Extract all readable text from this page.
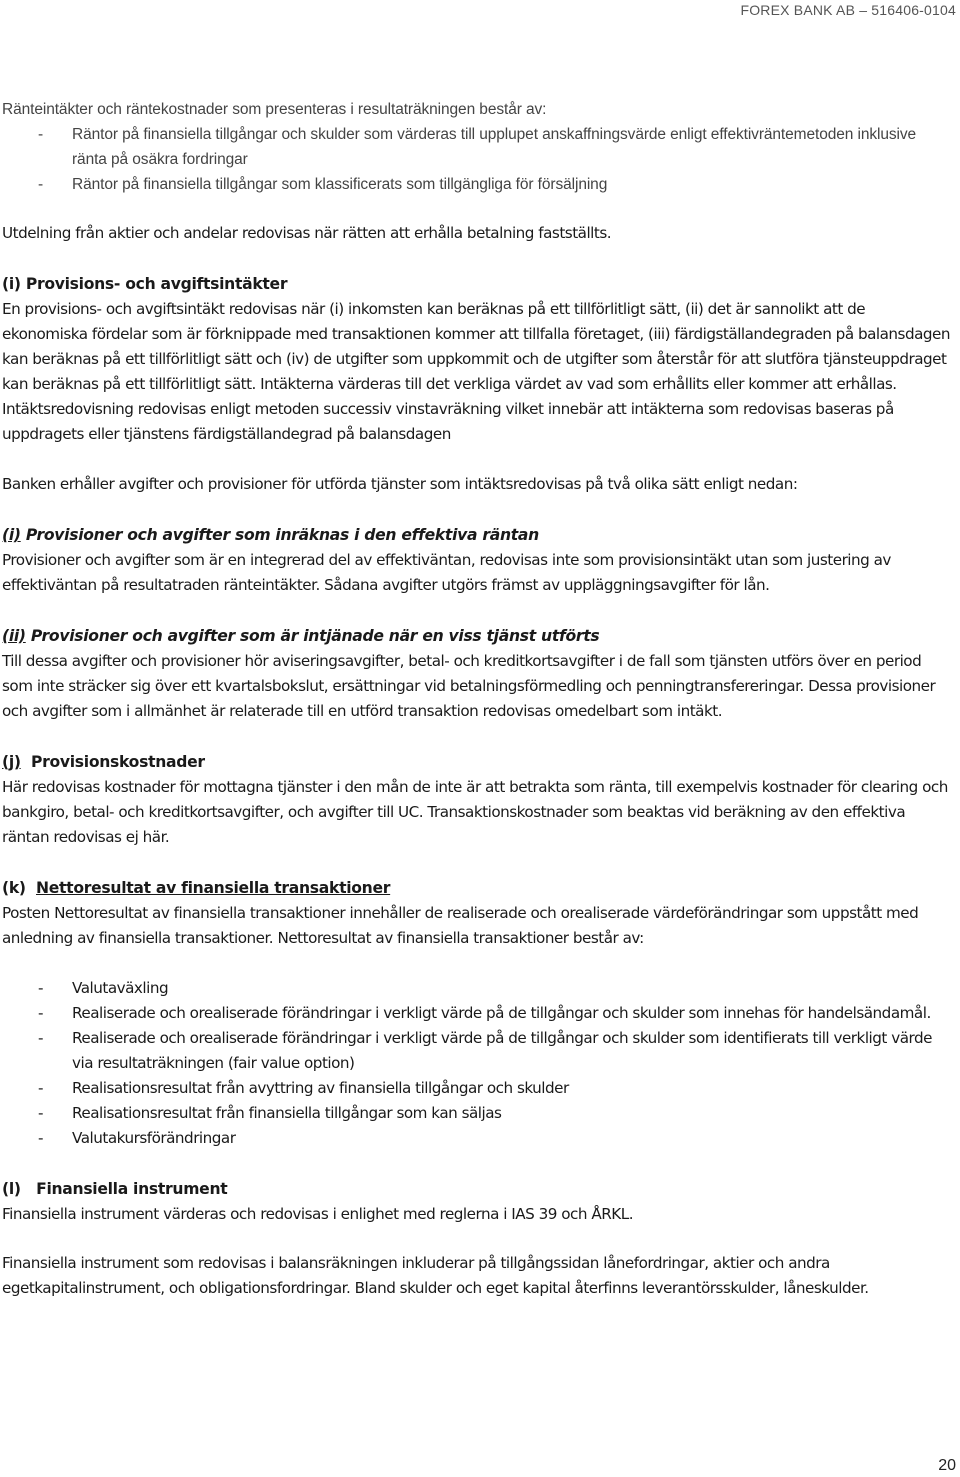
FOREX BANK AB – 516406-0104

Ränteintäkter och räntekostnader som presenteras i resultaträkningen består av:

- Räntor på finansiella tillgångar och skulder som värderas till upplupet anskaffningsvärde enligt effektivräntemetoden inklusive ränta på osäkra fordringar
- Räntor på finansiella tillgångar som klassificerats som tillgängliga för försäljning

Utdelning från aktier och andelar redovisas när rätten att erhålla betalning fastställts.

(i) Provisions- och avgiftsintäkter

En provisions- och avgiftsintäkt redovisas när (i) inkomsten kan beräknas på ett tillförlitligt sätt, (ii) det är sannolikt att de ekonomiska fördelar som är förknippade med transaktionen kommer att tillfalla företaget, (iii) färdigställandegraden på balansdagen kan beräknas på ett tillförlitligt sätt och (iv) de utgifter som uppkommit och de utgifter som återstår för att slutföra tjänsteuppdraget kan beräknas på ett tillförlitligt sätt. Intäkterna värderas till det verkliga värdet av vad som erhållits eller kommer att erhållas. Intäktsredovisning redovisas enligt metoden successiv vinstavräkning vilket innebär att intäkterna som redovisas baseras på uppdragets eller tjänstens färdigställandegrad på balansdagen

Banken erhåller avgifter och provisioner för utförda tjänster som intäktsredovisas på två olika sätt enligt nedan:

(i) Provisioner och avgifter som inräknas i den effektiva räntan

Provisioner och avgifter som är en integrerad del av effektiväntan, redovisas inte som provisionsintäkt utan som justering av effektiväntan på resultatraden ränteintäkter. Sådana avgifter utgörs främst av uppläggningsavgifter för lån.

(ii) Provisioner och avgifter som är intjänade när en viss tjänst utförts

Till dessa avgifter och provisioner hör aviseringsavgifter, betal- och kreditkortsavgifter i de fall som tjänsten utförs över en period som inte sträcker sig över ett kvartalsbokslut, ersättningar vid betalningsförmedling och penningtransfereringar. Dessa provisioner och avgifter som i allmänhet är relaterade till en utförd transaktion redovisas omedelbart som intäkt.

(j) Provisionskostnader

Här redovisas kostnader för mottagna tjänster i den mån de inte är att betrakta som ränta, till exempelvis kostnader för clearing och bankgiro, betal- och kreditkortsavgifter, och avgifter till UC. Transaktionskostnader som beaktas vid beräkning av den effektiva räntan redovisas ej här.

(k) Nettoresultat av finansiella transaktioner

Posten Nettoresultat av finansiella transaktioner innehåller de realiserade och orealiserade värdeförändringar som uppstått med anledning av finansiella transaktioner. Nettoresultat av finansiella transaktioner består av:

- Valutaväxling
- Realiserade och orealiserade förändringar i verkligt värde på de tillgångar och skulder som innehas för handelsändamål.
- Realiserade och orealiserade förändringar i verkligt värde på de tillgångar och skulder som identifierats till verkligt värde via resultaträkningen (fair value option)
- Realisationsresultat från avyttring av finansiella tillgångar och skulder
- Realisationsresultat från finansiella tillgångar som kan säljas
- Valutakursförändringar
(l) Finansiella instrument

Finansiella instrument värderas och redovisas i enlighet med reglerna i IAS 39 och ÅRKL.

Finansiella instrument som redovisas i balansräkningen inkluderar på tillgångssidan lånefordringar, aktier och andra egetkapitalinstrument, och obligationsfordringar. Bland skulder och eget kapital återfinns leverantörsskulder, låneskulder.

20
